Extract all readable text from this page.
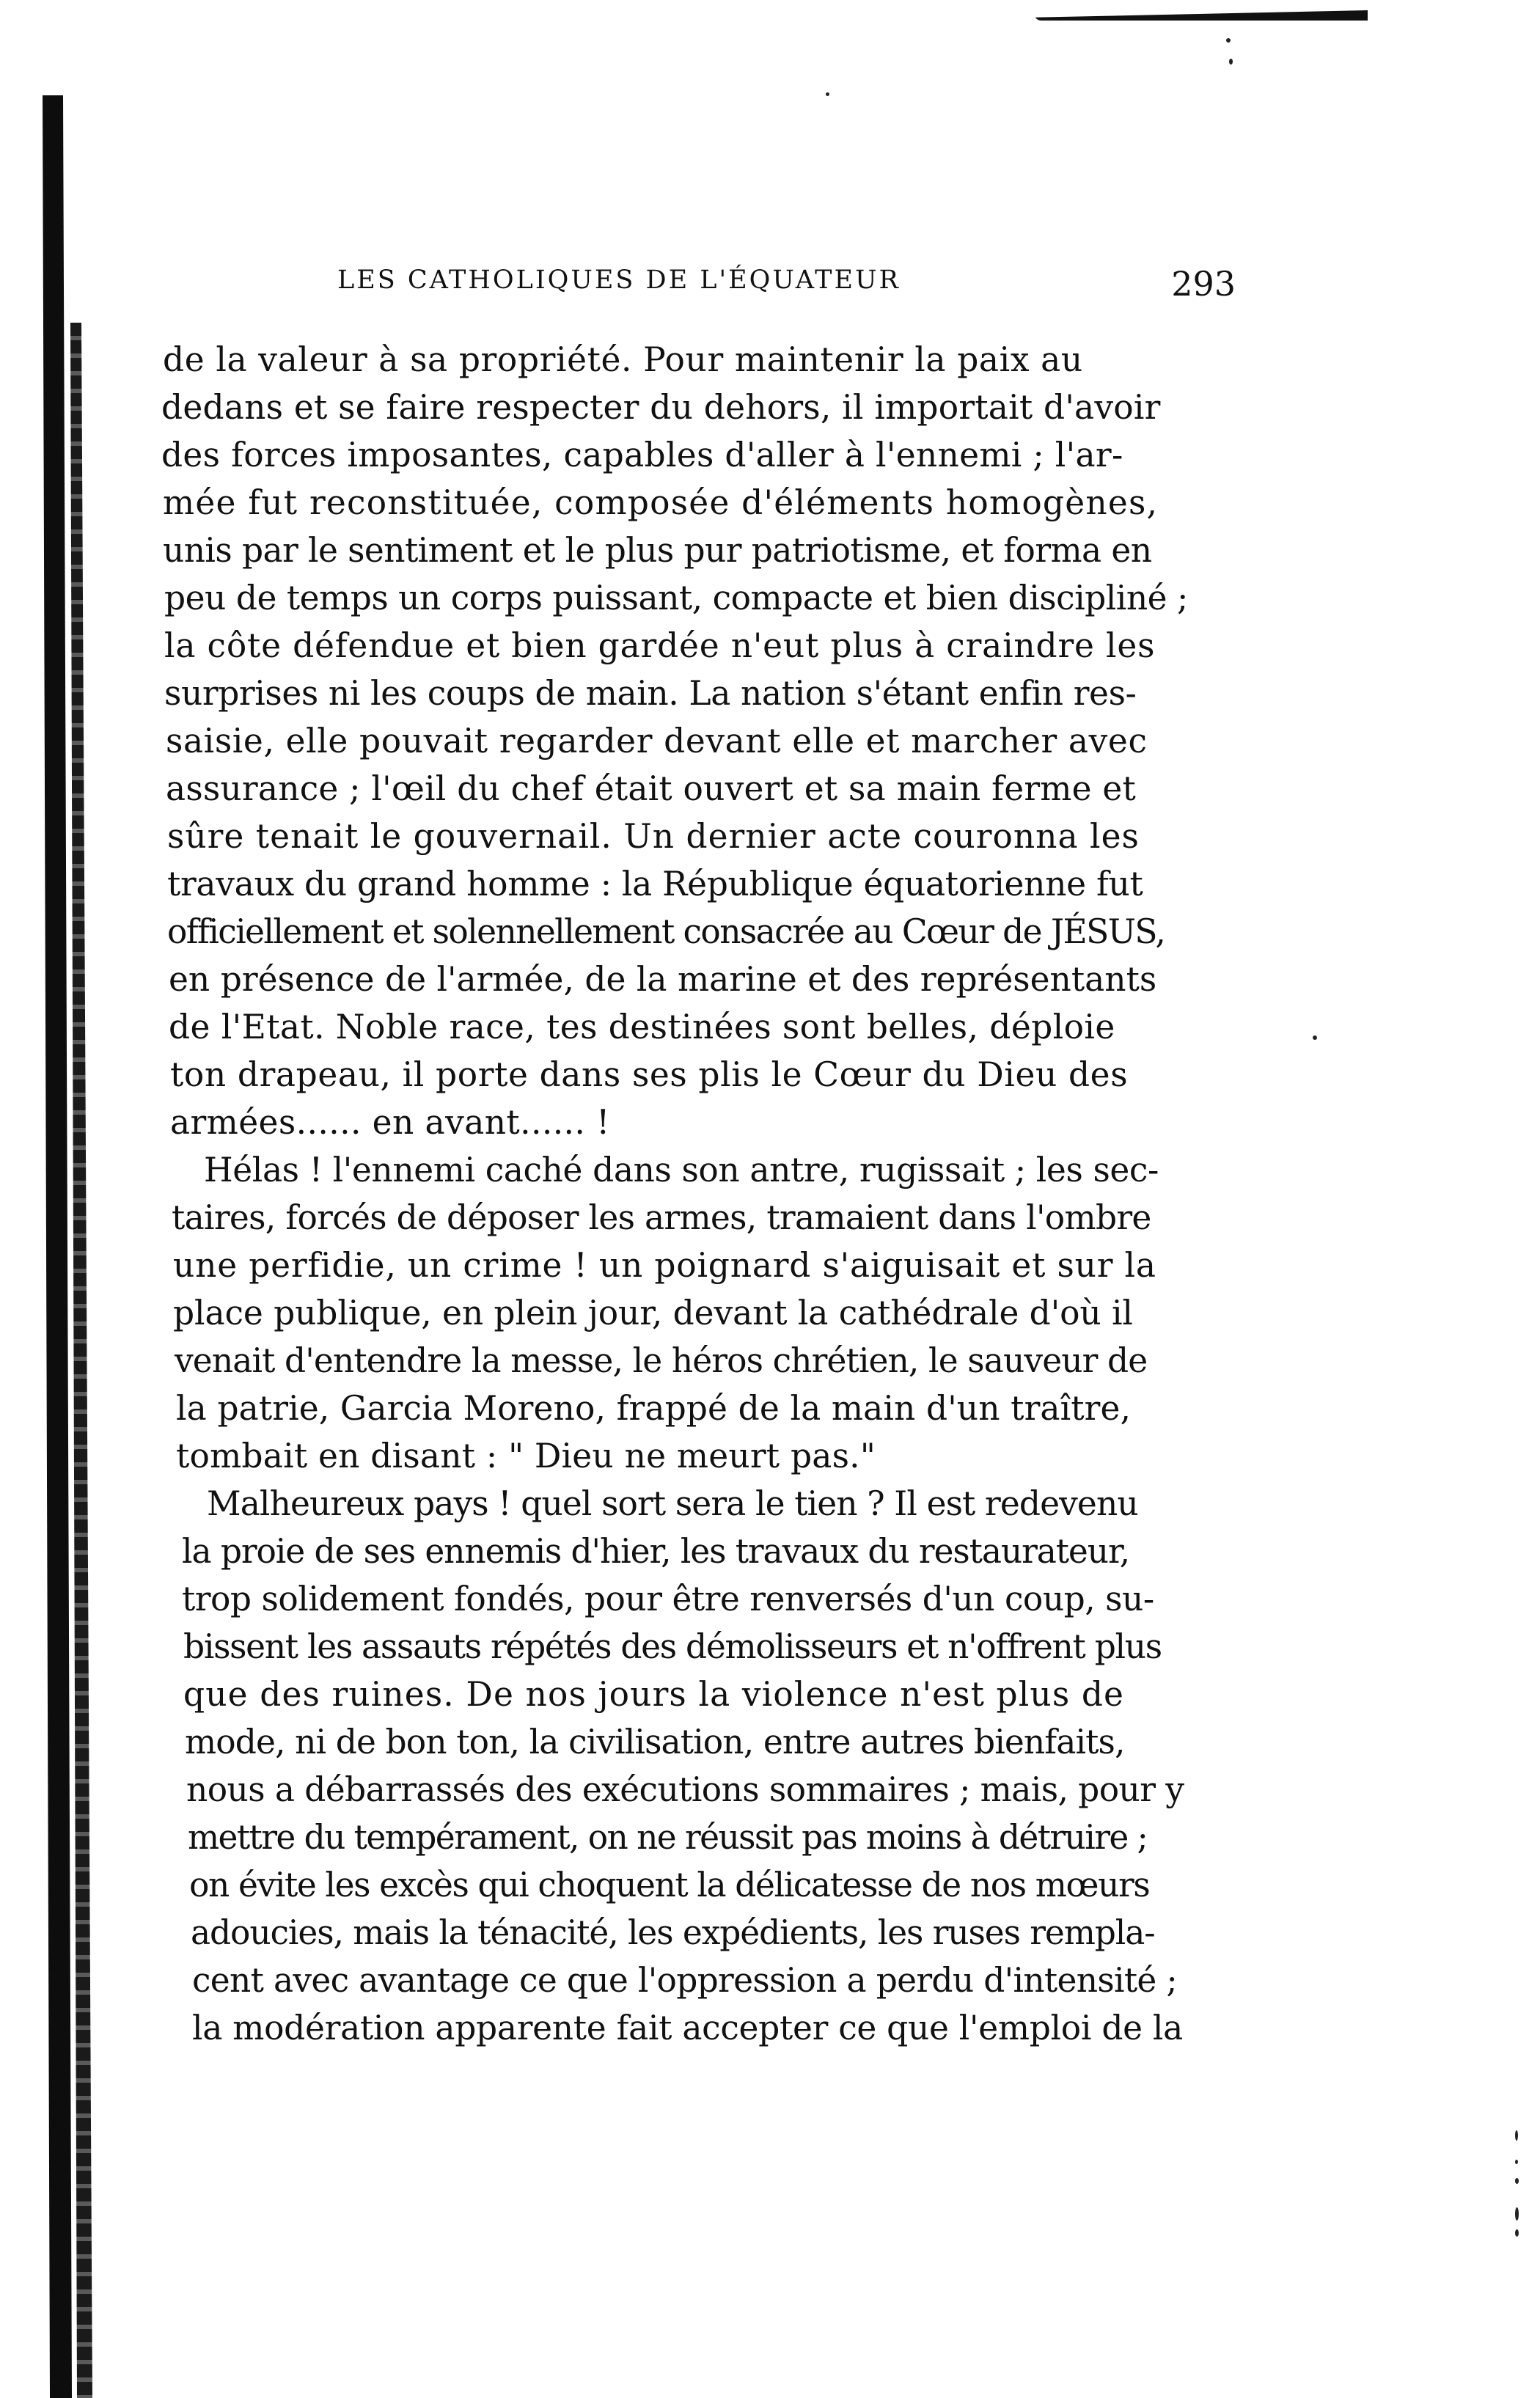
LES CATHOLIQUES DE L'ÉQUATEUR	293
de la valeur à sa propriété. Pour maintenir la paix au
dedans et se faire respecter du dehors, il importait d'avoir
des forces imposantes, capables d'aller à l'ennemi ; l'ar-
mée fut reconstituée, composée d'éléments homogènes,
unis par le sentiment et le plus pur patriotisme, et forma en
peu de temps un corps puissant, compacte et bien discipliné ;
la côte défendue et bien gardée n'eut plus à craindre les
surprises ni les coups de main. La nation s'étant enfin res-
saisie, elle pouvait regarder devant elle et marcher avec
assurance ; l'œil du chef était ouvert et sa main ferme et
sûre tenait le gouvernail. Un dernier acte couronna les
travaux du grand homme : la République équatorienne fut
officiellement et solennellement consacrée au Cœur de JÉSUS,
en présence de l'armée, de la marine et des représentants
de l'Etat. Noble race, tes destinées sont belles, déploie
ton drapeau, il porte dans ses plis le Cœur du Dieu des
armées...... en avant...... !
Hélas ! l'ennemi caché dans son antre, rugissait ; les sec-
taires, forcés de déposer les armes, tramaient dans l'ombre
une perfidie, un crime ! un poignard s'aiguisait et sur la
place publique, en plein jour, devant la cathédrale d'où il
venait d'entendre la messe, le héros chrétien, le sauveur de
la patrie, Garcia Moreno, frappé de la main d'un traître,
tombait en disant : " Dieu ne meurt pas."
Malheureux pays ! quel sort sera le tien ? Il est redevenu
la proie de ses ennemis d'hier, les travaux du restaurateur,
trop solidement fondés, pour être renversés d'un coup, su-
bissent les assauts répétés des démolisseurs et n'offrent plus
que des ruines. De nos jours la violence n'est plus de
mode, ni de bon ton, la civilisation, entre autres bienfaits,
nous a débarrassés des exécutions sommaires ; mais, pour y
mettre du tempérament, on ne réussit pas moins à détruire ;
on évite les excès qui choquent la délicatesse de nos mœurs
adoucies, mais la ténacité, les expédients, les ruses rempla-
cent avec avantage ce que l'oppression a perdu d'intensité ;
la modération apparente fait accepter ce que l'emploi de la
